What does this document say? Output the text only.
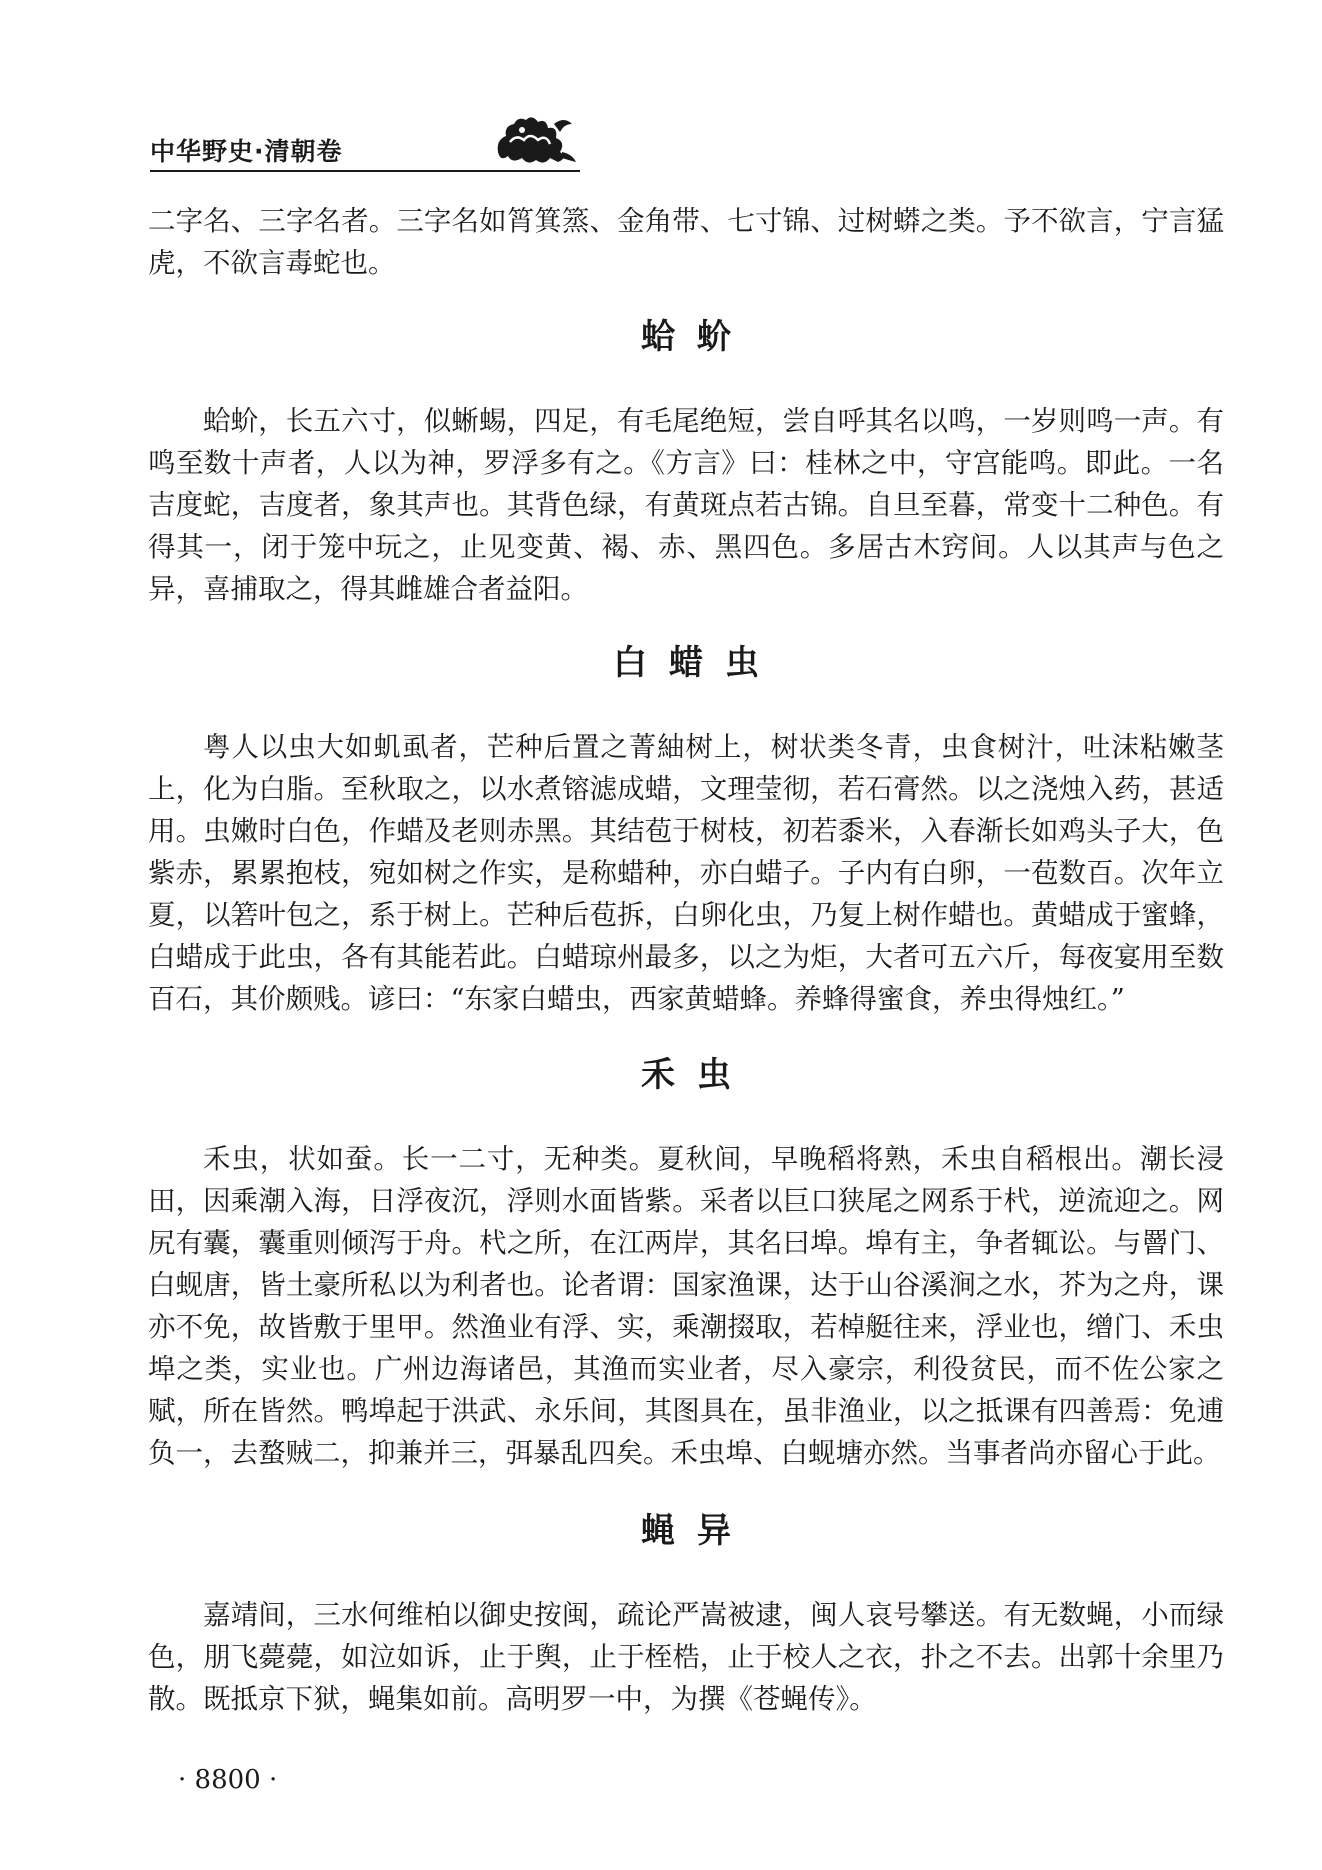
中华野史·清朝卷

二字名、三字名者。三字名如筲箕篜、金角带、七寸锦、过树蟒之类。予不欲言，宁言猛虎，不欲言毒蛇也。

蛤蚧

蛤蚧，长五六寸，似蜥蜴，四足，有毛尾绝短，尝自呼其名以鸣，一岁则鸣一声。有鸣至数十声者，人以为神，罗浮多有之。《方言》曰：桂林之中，守宫能鸣。即此。一名吉度蛇，吉度者，象其声也。其背色绿，有黄斑点若古锦。自旦至暮，常变十二种色。有得其一，闭于笼中玩之，止见变黄、褐、赤、黑四色。多居古木窍间。人以其声与色之异，喜捕取之，得其雌雄合者益阳。

白蜡虫

粤人以虫大如虮虱者，芒种后置之菁紬树上，树状类冬青，虫食树汁，吐沫粘嫩茎上，化为白脂。至秋取之，以水煮镕滤成蜡，文理莹彻，若石膏然。以之浇烛入药，甚适用。虫嫩时白色，作蜡及老则赤黑。其结苞于树枝，初若黍米，入春渐长如鸡头子大，色紫赤，累累抱枝，宛如树之作实，是称蜡种，亦白蜡子。子内有白卵，一苞数百。次年立夏，以箬叶包之，系于树上。芒种后苞拆，白卵化虫，乃复上树作蜡也。黄蜡成于蜜蜂，白蜡成于此虫，各有其能若此。白蜡琼州最多，以之为炬，大者可五六斤，每夜宴用至数百石，其价颇贱。谚曰：“东家白蜡虫，西家黄蜡蜂。养蜂得蜜食，养虫得烛红。”

禾虫

禾虫，状如蚕。长一二寸，无种类。夏秋间，早晚稻将熟，禾虫自稻根出。潮长浸田，因乘潮入海，日浮夜沉，浮则水面皆紫。采者以巨口狭尾之网系于杙，逆流迎之。网尻有囊，囊重则倾泻于舟。杙之所，在江两岸，其名曰埠。埠有主，争者辄讼。与罾门、白蚬唐，皆土豪所私以为利者也。论者谓：国家渔课，达于山谷溪涧之水，芥为之舟，课亦不免，故皆敷于里甲。然渔业有浮、实，乘潮掇取，若棹艇往来，浮业也，缯门、禾虫埠之类，实业也。广州边海诸邑，其渔而实业者，尽入豪宗，利役贫民，而不佐公家之赋，所在皆然。鸭埠起于洪武、永乐间，其图具在，虽非渔业，以之抵课有四善焉：免逋负一，去蝥贼二，抑兼并三，弭暴乱四矣。禾虫埠、白蚬塘亦然。当事者尚亦留心于此。

蝇异

嘉靖间，三水何维柏以御史按闽，疏论严嵩被逮，闽人哀号攀送。有无数蝇，小而绿色，朋飞薨薨，如泣如诉，止于舆，止于桎梏，止于校人之衣，扑之不去。出郭十余里乃散。既抵京下狱，蝇集如前。高明罗一中，为撰《苍蝇传》。

· 8800 ·
